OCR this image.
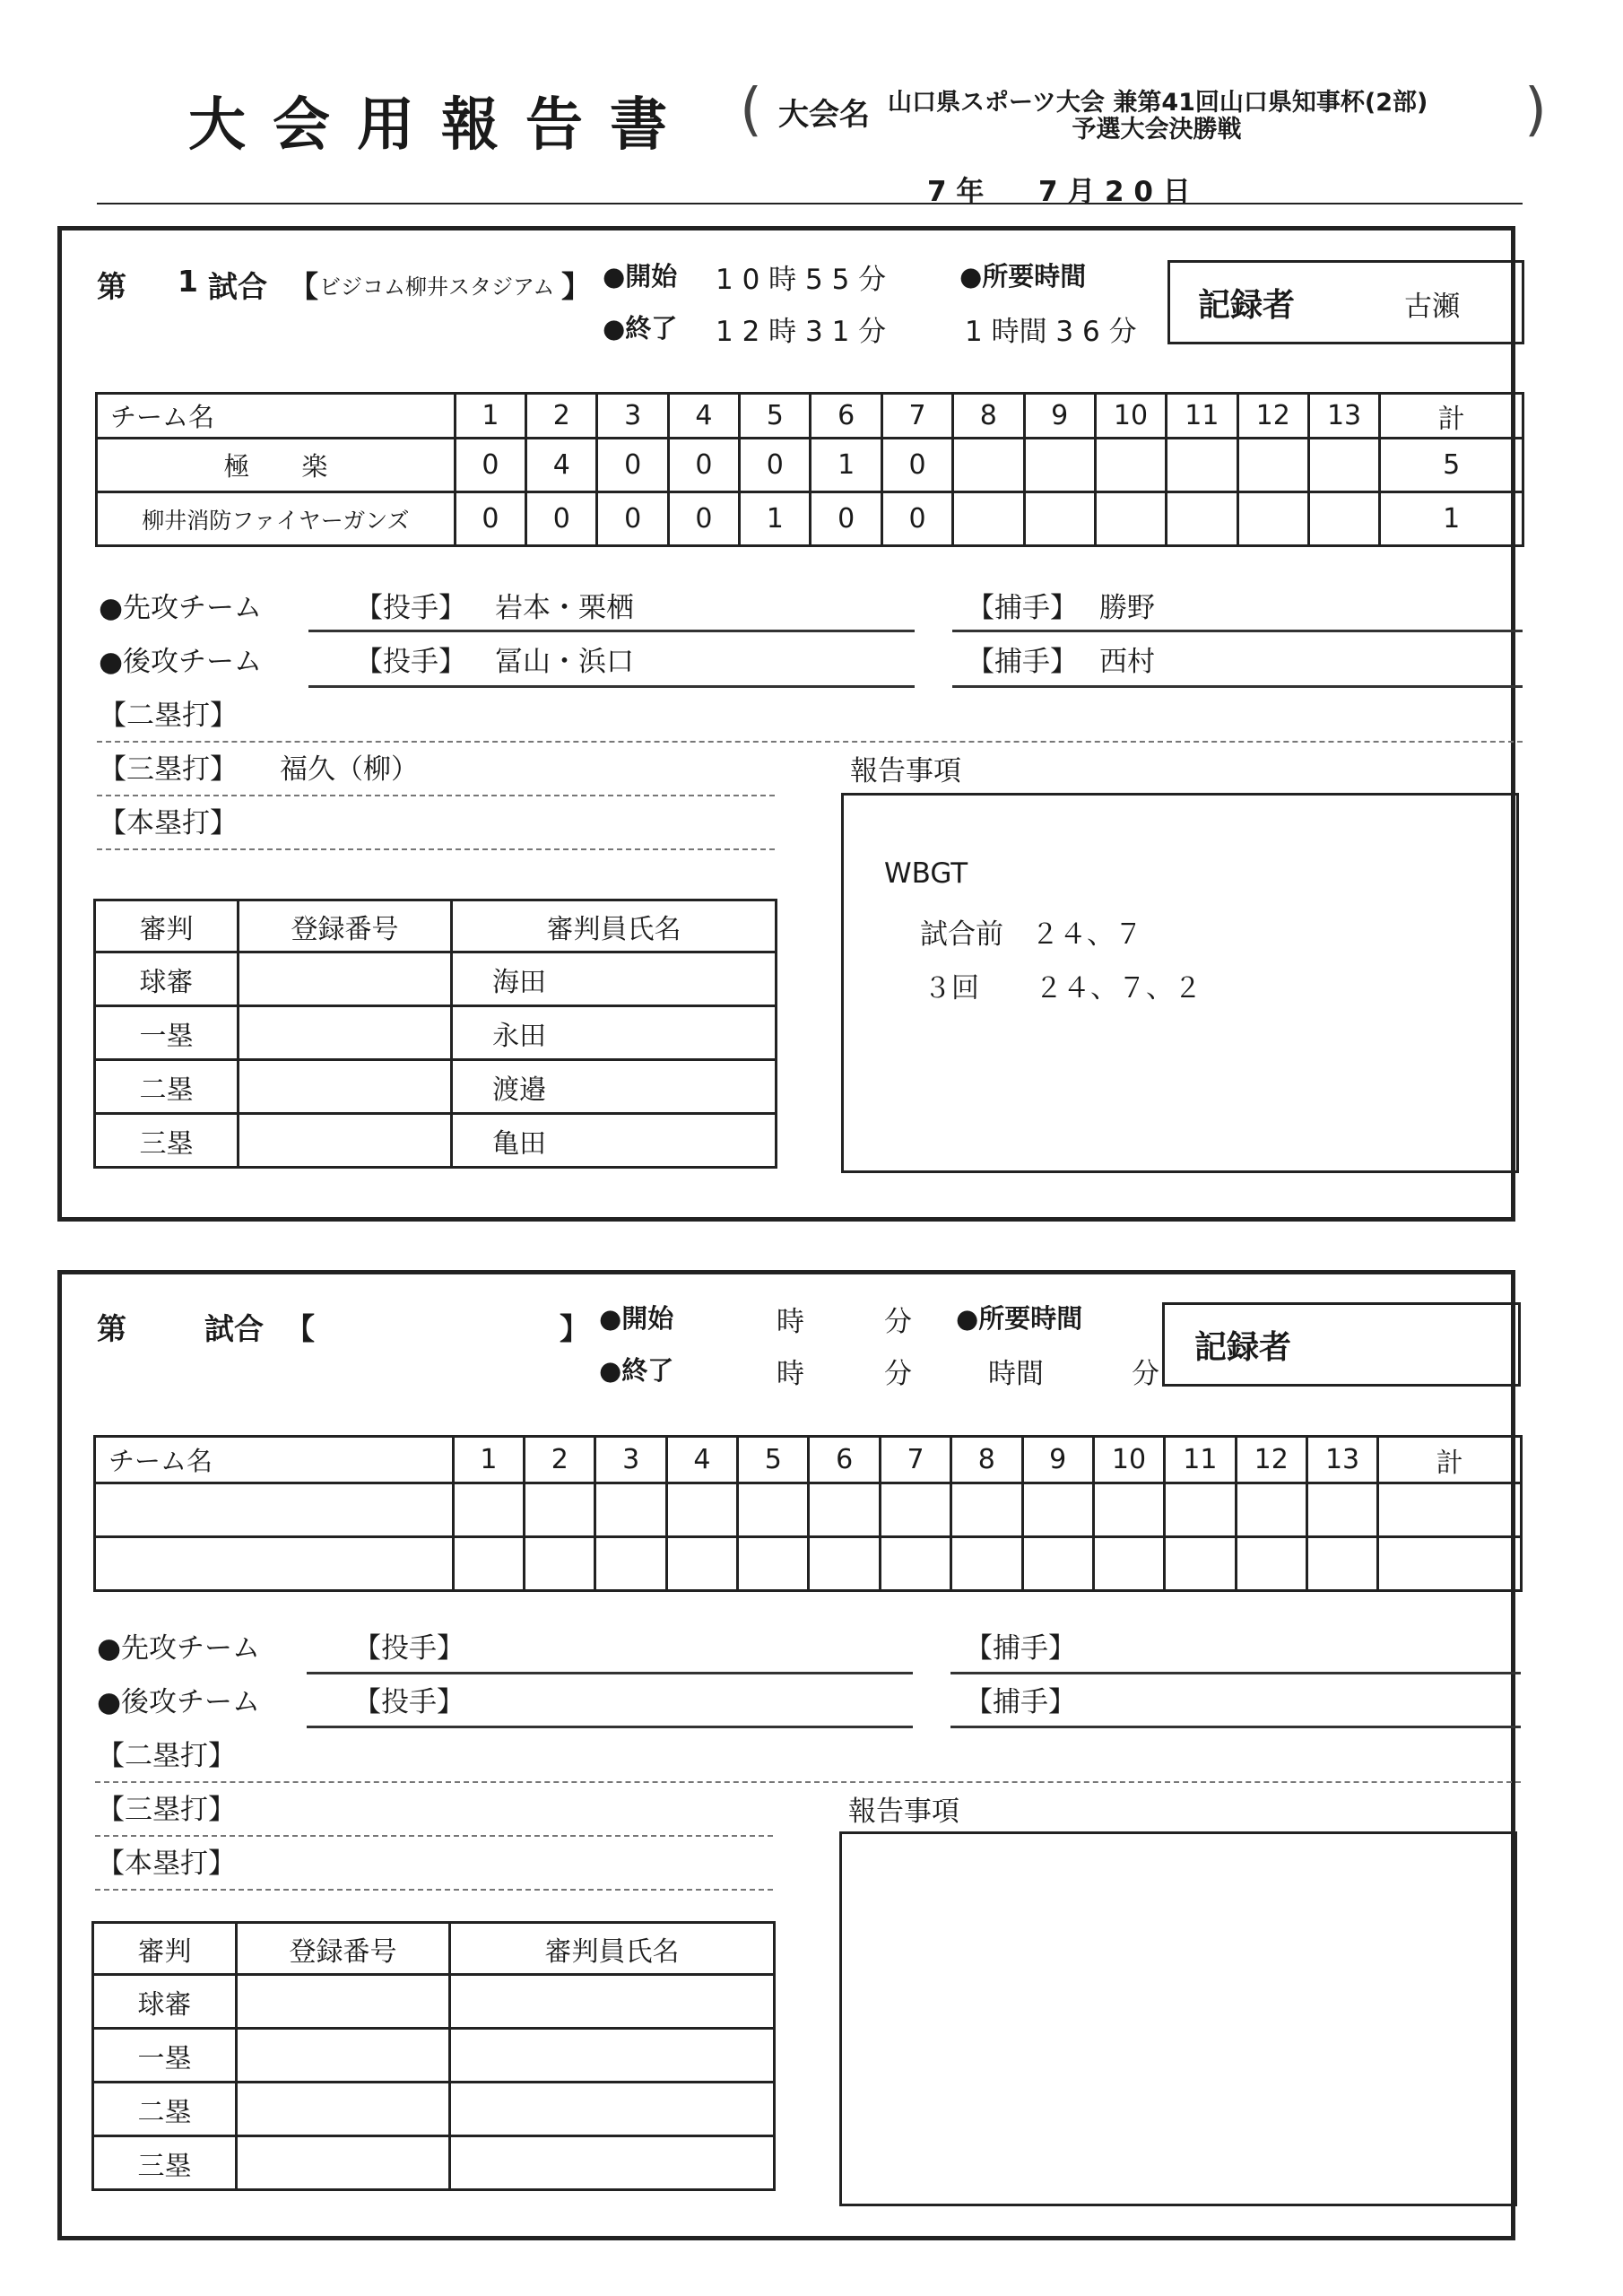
大会用報告書 ( 大会名 山口県スポーツ大会 兼第41回山口県知事杯(2部)
予選大会決勝戦	)
7 年 7 月 2 0 日
第 1 試合 【 ビジコム柳井スタジアム 】 ●開始 1 0 時 5 5 分
●終了 1 2 時 3 1 分
●所要時間
1 時間 3 6 分
記録者	古瀬
チーム名	1	2	3	4	5	6	7	8	9	10	11	12	13	計
極　　楽	0	4	0	0	0	1	0							5
柳井消防ファイヤーガンズ	0	0	0	0	1	0	0							1
●先攻チーム	【投手】 岩本・栗栖	【捕手】 勝野
●後攻チーム	【投手】 冨山・浜口	【捕手】 西村
【二塁打】
【三塁打】 福久（柳）
【本塁打】
審判	登録番号	審判員氏名
球審		海田
一塁		永田
二塁		渡邉
三塁		亀田
報告事項
WBGT
試合前　２４、７
３回　　２４、７、２
第	試合 【	】 ●開始	時	分
●終了	時	分
●所要時間
時間	分
記録者
チーム名	1	2	3	4	5	6	7	8	9	10	11	12	13	計

●先攻チーム	【投手】	【捕手】
●後攻チーム	【投手】	【捕手】
【二塁打】
【三塁打】
【本塁打】
審判	登録番号	審判員氏名
球審		
一塁		
二塁		
三塁		
報告事項
